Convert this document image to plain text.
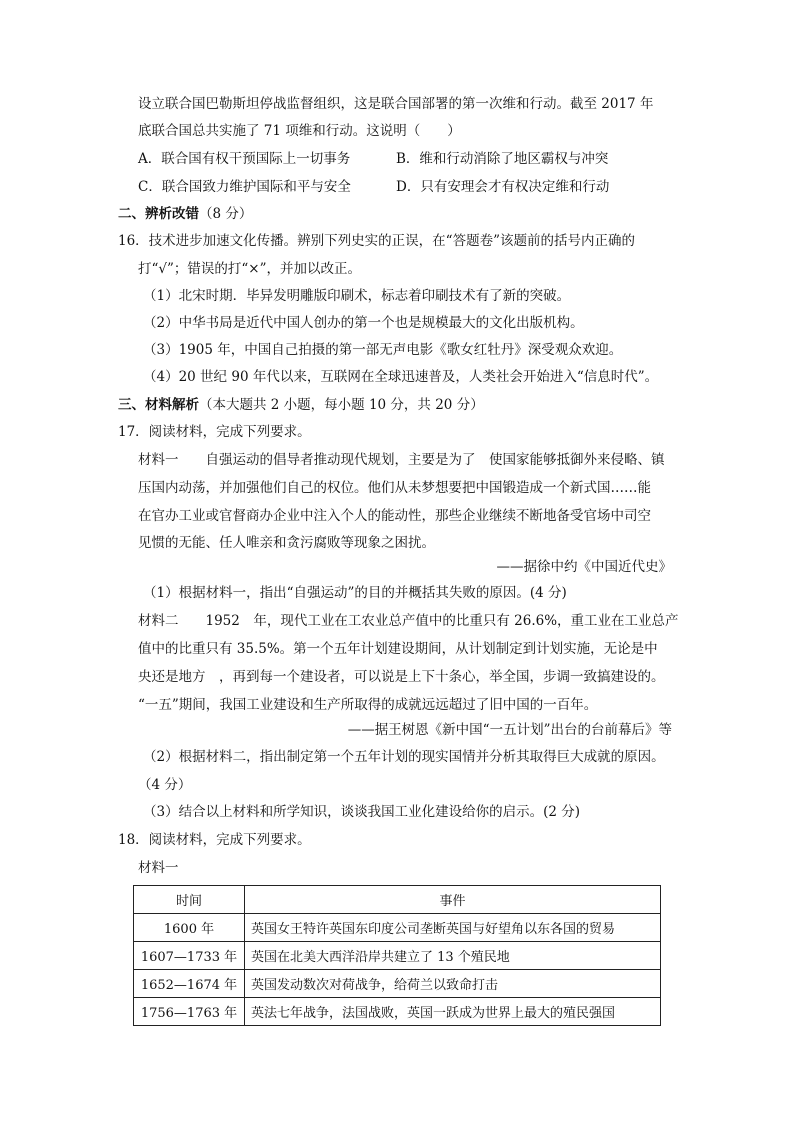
设立联合国巴勒斯坦停战监督组织，这是联合国部署的第一次维和行动。截至 2017 年
底联合国总共实施了 71 项维和行动。这说明（　　）
A．联合国有权干预国际上一切事务	B．维和行动消除了地区霸权与冲突
C．联合国致力维护国际和平与安全	D．只有安理会才有权决定维和行动
二、辨析改错（8 分）
16．技术进步加速文化传播。辨别下列史实的正误，在“答题卷”该题前的括号内正确的
打“√”；错误的打“×”，并加以改正。
（1）北宋时期．毕异发明雕版印刷术，标志着印刷技术有了新的突破。
（2）中华书局是近代中国人创办的第一个也是规模最大的文化出版机构。
（3）1905 年，中国自己拍摄的第一部无声电影《歌女红牡丹》深受观众欢迎。
（4）20 世纪 90 年代以来，互联网在全球迅速普及，人类社会开始进入“信息时代”。
三、材料解析（本大题共 2 小题，每小题 10 分，共 20 分）
17．阅读材料，完成下列要求。
材料一　　自强运动的倡导者推动现代规划，主要是为了　使国家能够抵御外来侵略、镇
压国内动荡，并加强他们自己的权位。他们从未梦想要把中国锻造成一个新式国……能
在官办工业或官督商办企业中注入个人的能动性，那些企业继续不断地备受官场中司空
见惯的无能、任人唯亲和贪污腐败等现象之困扰。
——据徐中约《中国近代史》
（1）根据材料一，指出“自强运动”的目的并概括其失败的原因。(4 分)
材料二　　1952　年，现代工业在工农业总产值中的比重只有 26.6%，重工业在工业总产
值中的比重只有 35.5%。第一个五年计划建设期间，从计划制定到计划实施，无论是中
央还是地方　，再到每一个建设者，可以说是上下十条心，举全国，步调一致搞建设的。
“一五”期间，我国工业建设和生产所取得的成就远远超过了旧中国的一百年。
——据王树恩《新中国“一五计划”出台的台前幕后》等
（2）根据材料二，指出制定第一个五年计划的现实国情并分析其取得巨大成就的原因。
（4 分）
（3）结合以上材料和所学知识，谈谈我国工业化建设给你的启示。(2 分)
18．阅读材料，完成下列要求。
材料一
时间	事件
1600 年	英国女王特许英国东印度公司垄断英国与好望角以东各国的贸易
1607—1733 年	英国在北美大西洋沿岸共建立了 13 个殖民地
1652—1674 年	英国发动数次对荷战争，给荷兰以致命打击
1756—1763 年	英法七年战争，法国战败，英国一跃成为世界上最大的殖民强国
